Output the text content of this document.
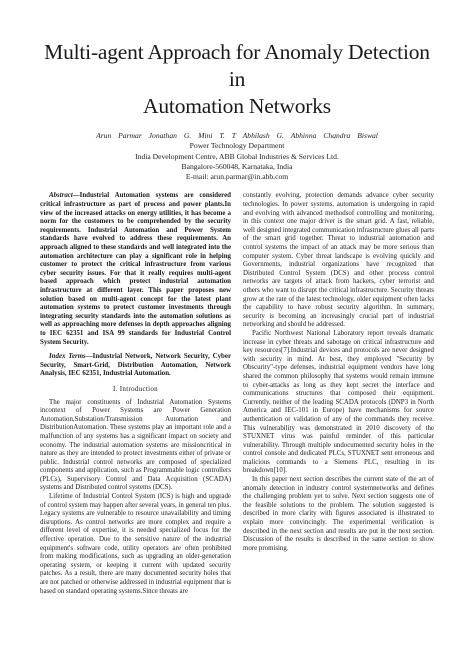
Multi-agent Approach for Anomaly Detection in
Automation Networks
Arun Parmar Jonathan G. Mini T. T Abhilash G. Abhinna Chandra Biswal
Power Technology Department
India Development Centre, ABB Global Industries & Services Ltd.
Bangalore-560048, Karnataka, India
E-mail: arun.parmar@in.abb.com

Abstract—Industrial Automation systems are considered critical infrastructure as part of process and power plants.In view of the increased attacks on energy utilities, it has become a norm for the customers to be comprehended by the security requirements. Industrial Automation and Power System standards have evolved to address these requirements. An approach aligned to these standards and well integrated into the automation architecture can play a significant role in helping customer to protect the critical infrastructure from various cyber security issues. For that it really requires multi-agent based approach which protect industrial automation infrastructure at different layer. This paper proposes new solution based on multi-agent concept for the latest plant automation systems to protect customer investments through integrating security standards into the automation solutions as well as approaching more defenses in depth approaches aligning to IEC 62351 and ISA 99 standards for Industrial Control System Security.

Index Terms—Industrial Network, Network Security, Cyber Security, Smart-Grid, Distribution Automation, Network Analysis, IEC 62351, Industrial Automation.

I. Introduction

The major constituents of Industrial Automation Systems incontext of Power Systems are Power Generation Automation,Substation/Transmission Automation and DistributionAutomation. These systems play an important role and a malfunction of any systems has a significant impact on society and economy. The industrial automation systems are missioncritical in nature as they are intended to protect investments either of private or public. Industrial control networks are composed of specialized components and application, such as Programmable logic controllers (PLCs), Supervisory Control and Data Acquisition (SCADA) systems and Distributed control systems (DCS).

Lifetime of Industrial Control System (ICS) is high and upgrade of control system may happen after several years, in general ten plus. Legacy systems are vulnerable to resource unavailability and timing disruptions. As control networks are more complex and require a different level of expertise, it is needed specialized focus for the effective operation. Due to the sensitive nature of the industrial equipment's software code, utility operators are often prohibited from making modifications, such as upgrading an older-generation operating system, or keeping it current with updated security patches. As a result, there are many documented security holes that are not patched or otherwise addressed in industrial equipment that is based on standard operating systems.Since threats are

constantly evolving, protection demands advance cyber security technologies. In power systems, automation is undergoing in rapid and evolving with advanced methodsof controlling and monitoring, in this context one major driver is the smart grid. A fast, reliable, well designed integrated communication infrastructure glues all parts of the smart grid together. Threat to industrial automation and control systems the impact of an attack may be more serious than computer system. Cyber threat landscape is evolving quickly and Governments, industrial organizations have recognized that Distributed Control System (DCS) and other process control networks are targets of attack from hackers, cyber terrorist and others who want to disrupt the critical infrastructure. Security threats grow at the rate of the latest technology, older equipment often lacks the capability to have robust security algorithm. In summary, security is becoming an increasingly crucial part of industrial networking and should be addressed.

Pacific Northwest National Laboratory report reveals dramatic increase in cyber threats and sabotage on critical infrastructure and key resources[7].Industrial devices and protocols are never designed with security in mind. At best, they employed "Security by Obscurity"-type defenses, industrial equipment vendors have long shared the common philosophy that systems would remain immune to cyber-attacks as long as they kept secret the interface and communications structures that composed their equipment. Currently, neither of the leading SCADA protocols (DNP3 in North America and IEC-101 in Europe) have mechanisms for source authentication or validation of any of the commands they receive. This vulnerability was demonstrated in 2010 discovery of the STUXNET virus was painful reminder of this particular vulnerability. Through multiple undocumented security holes in the control console and dedicated PLCs, STUXNET sent erroneous and malicious commands to a Siemens PLC, resulting in its breakdown[10].

In this paper next section describes the current state of the art of anomaly detection in industry control systemnetworks and defines the challenging problem yet to solve. Next section suggests one of the feasible solutions to the problem. The solution suggested is described in more clarity with figures associated is illustrated to explain more convincingly. The experimental verification is described in the next section and results are put in the next section. Discussion of the results is described in the same section to show more promising.
